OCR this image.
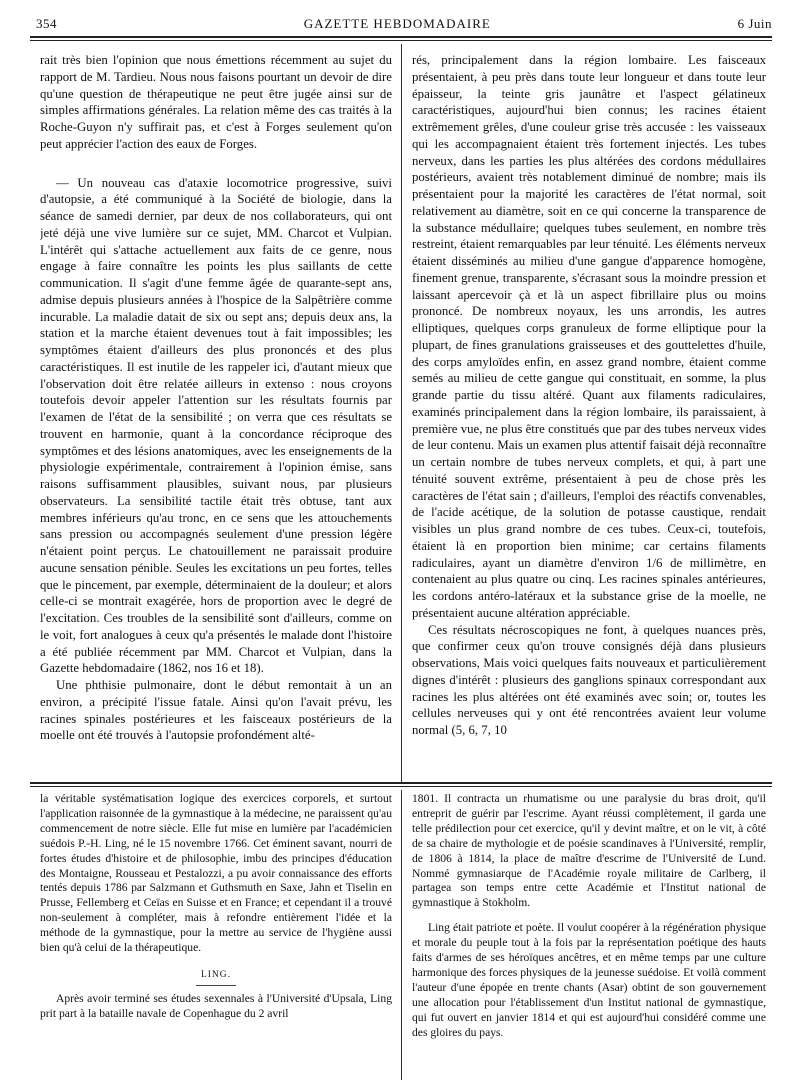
354	GAZETTE HEBDOMADAIRE	6 Juin

rait très bien l'opinion que nous émettions récemment au sujet du rapport de M. Tardieu. Nous nous faisons pourtant un devoir de dire qu'une question de thérapeutique ne peut être jugée ainsi sur de simples affirmations générales. La relation même des cas traités à la Roche-Guyon n'y suffirait pas, et c'est à Forges seulement qu'on peut apprécier l'action des eaux de Forges.

— Un nouveau cas d'ataxie locomotrice progressive, suivi d'autopsie, a été communiqué à la Société de biologie, dans la séance de samedi dernier, par deux de nos collaborateurs, qui ont jeté déjà une vive lumière sur ce sujet, MM. Charcot et Vulpian. L'intérêt qui s'attache actuellement aux faits de ce genre, nous engage à faire connaître les points les plus saillants de cette communication. Il s'agit d'une femme âgée de quarante-sept ans, admise depuis plusieurs années à l'hospice de la Salpêtrière comme incurable. La maladie datait de six ou sept ans; depuis deux ans, la station et la marche étaient devenues tout à fait impossibles; les symptômes étaient d'ailleurs des plus prononcés et des plus caractéristiques. Il est inutile de les rappeler ici, d'autant mieux que l'observation doit être relatée ailleurs in extenso : nous croyons toutefois devoir appeler l'attention sur les résultats fournis par l'examen de l'état de la sensibilité ; on verra que ces résultats se trouvent en harmonie, quant à la concordance réciproque des symptômes et des lésions anatomiques, avec les enseignements de la physiologie expérimentale, contrairement à l'opinion émise, sans raisons suffisamment plausibles, suivant nous, par plusieurs observateurs. La sensibilité tactile était très obtuse, tant aux membres inférieurs qu'au tronc, en ce sens que les attouchements sans pression ou accompagnés seulement d'une pression légère n'étaient point perçus. Le chatouillement ne paraissait produire aucune sensation pénible. Seules les excitations un peu fortes, telles que le pincement, par exemple, déterminaient de la douleur; et alors celle-ci se montrait exagérée, hors de proportion avec le degré de l'excitation. Ces troubles de la sensibilité sont d'ailleurs, comme on le voit, fort analogues à ceux qu'a présentés le malade dont l'histoire a été publiée récemment par MM. Charcot et Vulpian, dans la Gazette hebdomadaire (1862, nos 16 et 18).

Une phthisie pulmonaire, dont le début remontait à un an environ, a précipité l'issue fatale. Ainsi qu'on l'avait prévu, les racines spinales postérieures et les faisceaux postérieurs de la moelle ont été trouvés à l'autopsie profondément alté-

rés, principalement dans la région lombaire. Les faisceaux présentaient, à peu près dans toute leur longueur et dans toute leur épaisseur, la teinte gris jaunâtre et l'aspect gélatineux caractéristiques, aujourd'hui bien connus; les racines étaient extrêmement grêles, d'une couleur grise très accusée : les vaisseaux qui les accompagnaient étaient très fortement injectés. Les tubes nerveux, dans les parties les plus altérées des cordons médullaires postérieurs, avaient très notablement diminué de nombre; mais ils présentaient pour la majorité les caractères de l'état normal, soit relativement au diamètre, soit en ce qui concerne la transparence de la substance médullaire; quelques tubes seulement, en nombre très restreint, étaient remarquables par leur ténuité. Les éléments nerveux étaient disséminés au milieu d'une gangue d'apparence homogène, finement grenue, transparente, s'écrasant sous la moindre pression et laissant apercevoir çà et là un aspect fibrillaire plus ou moins prononcé. De nombreux noyaux, les uns arrondis, les autres elliptiques, quelques corps granuleux de forme elliptique pour la plupart, de fines granulations graisseuses et des gouttelettes d'huile, des corps amyloïdes enfin, en assez grand nombre, étaient comme semés au milieu de cette gangue qui constituait, en somme, la plus grande partie du tissu altéré. Quant aux filaments radiculaires, examinés principalement dans la région lombaire, ils paraissaient, à première vue, ne plus être constitués que par des tubes nerveux vides de leur contenu. Mais un examen plus attentif faisait déjà reconnaître un certain nombre de tubes nerveux complets, et qui, à part une ténuité souvent extrême, présentaient à peu de chose près les caractères de l'état sain ; d'ailleurs, l'emploi des réactifs convenables, de l'acide acétique, de la solution de potasse caustique, rendait visibles un plus grand nombre de ces tubes. Ceux-ci, toutefois, étaient là en proportion bien minime; car certains filaments radiculaires, ayant un diamètre d'environ 1/6 de millimètre, en contenaient au plus quatre ou cinq. Les racines spinales antérieures, les cordons antéro-latéraux et la substance grise de la moelle, ne présentaient aucune altération appréciable.

Ces résultats nécroscopiques ne font, à quelques nuances près, que confirmer ceux qu'on trouve consignés déjà dans plusieurs observations, Mais voici quelques faits nouveaux et particulièrement dignes d'intérêt : plusieurs des ganglions spinaux correspondant aux racines les plus altérées ont été examinés avec soin; or, toutes les cellules nerveuses qui y ont été rencontrées avaient leur volume normal (5, 6, 7, 10

la véritable systématisation logique des exercices corporels, et surtout l'application raisonnée de la gymnastique à la médecine, ne paraissent qu'au commencement de notre siècle. Elle fut mise en lumière par l'académicien suédois P.-H. Ling, né le 15 novembre 1766. Cet éminent savant, nourri de fortes études d'histoire et de philosophie, imbu des principes d'éducation des Montaigne, Rousseau et Pestalozzi, a pu avoir connaissance des efforts tentés depuis 1786 par Salzmann et Guthsmuth en Saxe, Jahn et Tiselin en Prusse, Fellemberg et Ceïas en Suisse et en France; et cependant il a trouvé non-seulement à compléter, mais à refondre entièrement l'idée et la méthode de la gymnastique, pour la mettre au service de l'hygiène aussi bien qu'à celui de la thérapeutique.

LING.

Après avoir terminé ses études sexennales à l'Université d'Upsala, Ling prit part à la bataille navale de Copenhague du 2 avril

1801. Il contracta un rhumatisme ou une paralysie du bras droit, qu'il entreprit de guérir par l'escrime. Ayant réussi complètement, il garda une telle prédilection pour cet exercice, qu'il y devint maître, et on le vit, à côté de sa chaire de mythologie et de poésie scandinaves à l'Université, remplir, de 1806 à 1814, la place de maître d'escrime de l'Université de Lund. Nommé gymnasiarque de l'Académie royale militaire de Carlberg, il partagea son temps entre cette Académie et l'Institut national de gymnastique à Stokholm.

Ling était patriote et poète. Il voulut coopérer à la régénération physique et morale du peuple tout à la fois par la représentation poétique des hauts faits d'armes de ses héroïques ancêtres, et en même temps par une culture harmonique des forces physiques de la jeunesse suédoise. Et voilà comment l'auteur d'une épopée en trente chants (Asar) obtint de son gouvernement une allocation pour l'établissement d'un Institut national de gymnastique, qui fut ouvert en janvier 1814 et qui est aujourd'hui considéré comme une des gloires du pays.
